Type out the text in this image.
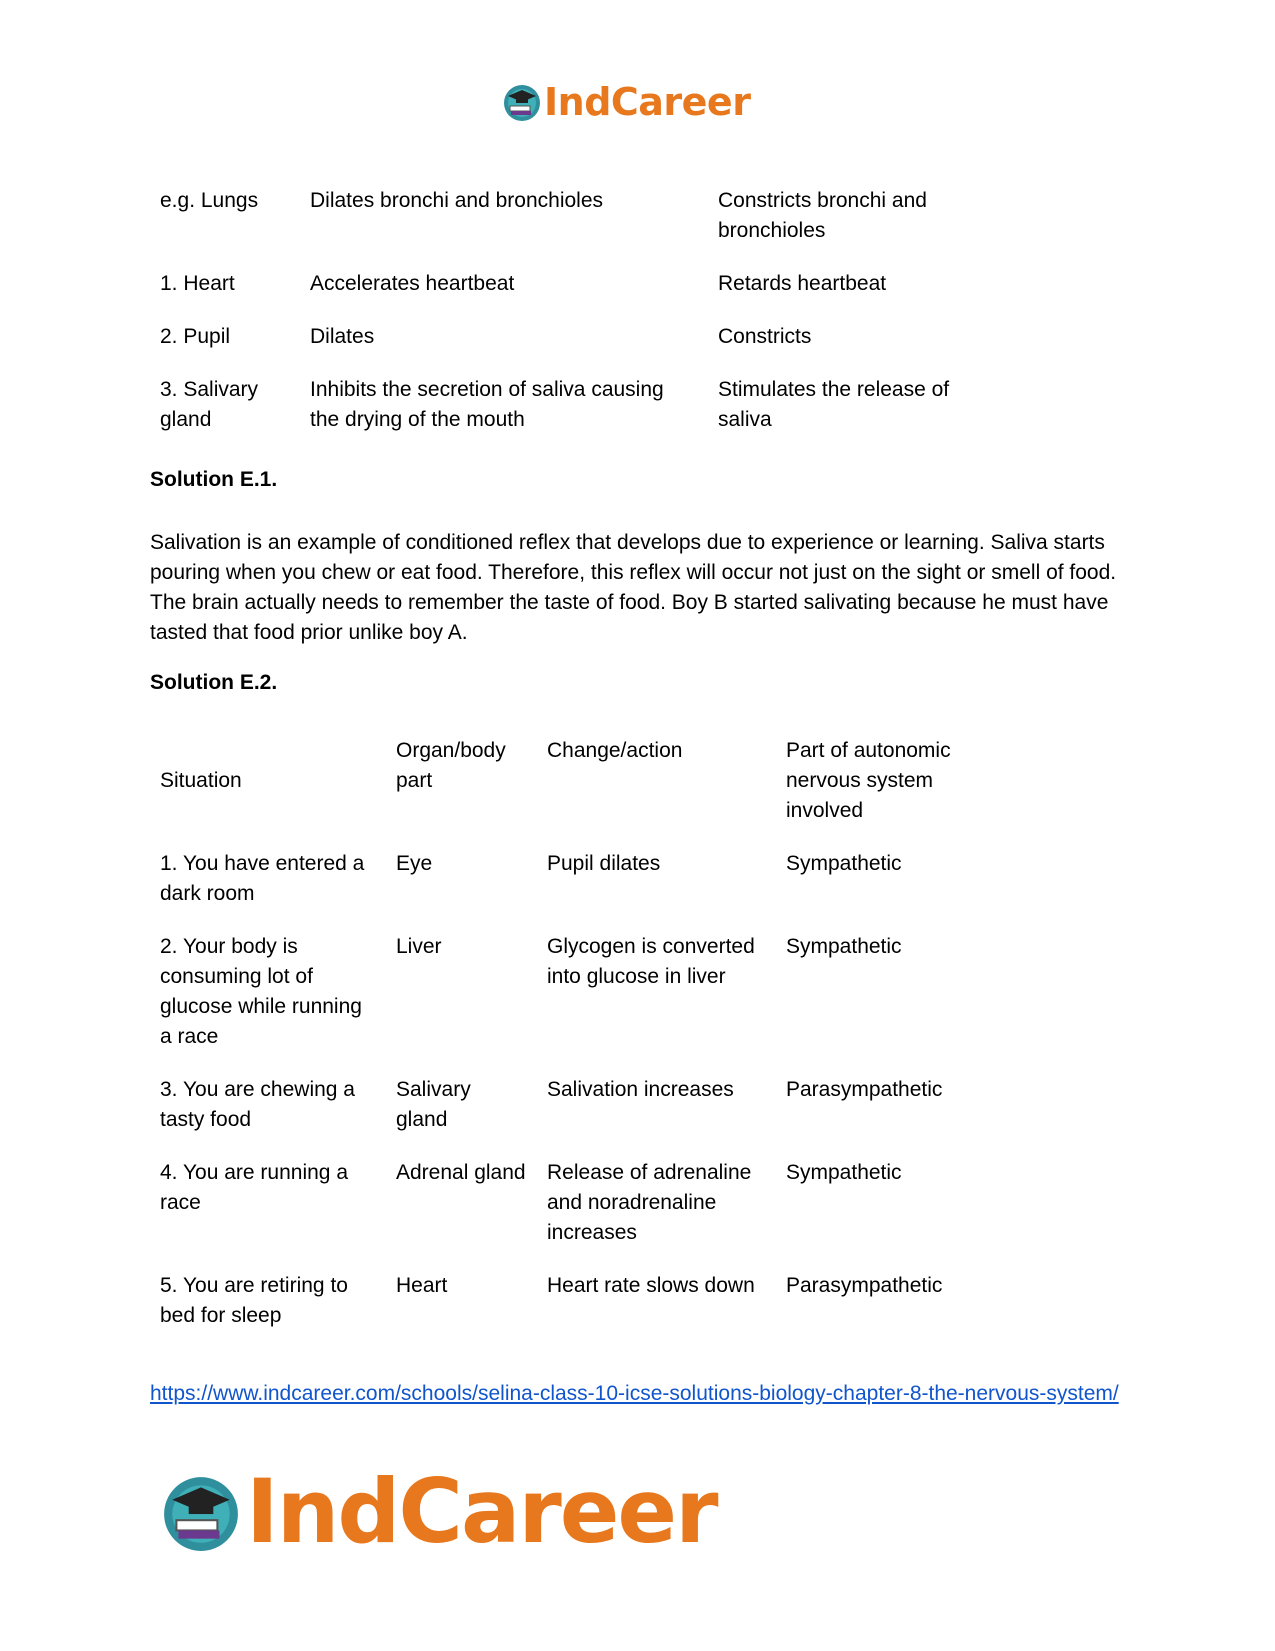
IndCareer
e.g. Lungs	Dilates bronchi and bronchioles	Constricts bronchi and bronchioles
1. Heart	Accelerates heartbeat	Retards heartbeat
2. Pupil	Dilates	Constricts
3. Salivary gland	Inhibits the secretion of saliva causing the drying of the mouth	Stimulates the release of saliva
Solution E.1.
Salivation is an example of conditioned reflex that develops due to experience or learning. Saliva starts pouring when you chew or eat food. Therefore, this reflex will occur not just on the sight or smell of food. The brain actually needs to remember the taste of food. Boy B started salivating because he must have tasted that food prior unlike boy A.
Solution E.2.
Situation	Organ/body part	Change/action	Part of autonomic nervous system involved
1. You have entered a dark room	Eye	Pupil dilates	Sympathetic
2. Your body is consuming lot of glucose while running a race	Liver	Glycogen is converted into glucose in liver	Sympathetic
3. You are chewing a tasty food	Salivary gland	Salivation increases	Parasympathetic
4. You are running a race	Adrenal gland	Release of adrenaline and noradrenaline increases	Sympathetic
5. You are retiring to bed for sleep	Heart	Heart rate slows down	Parasympathetic
https://www.indcareer.com/schools/selina-class-10-icse-solutions-biology-chapter-8-the-nervous-system/
IndCareer
